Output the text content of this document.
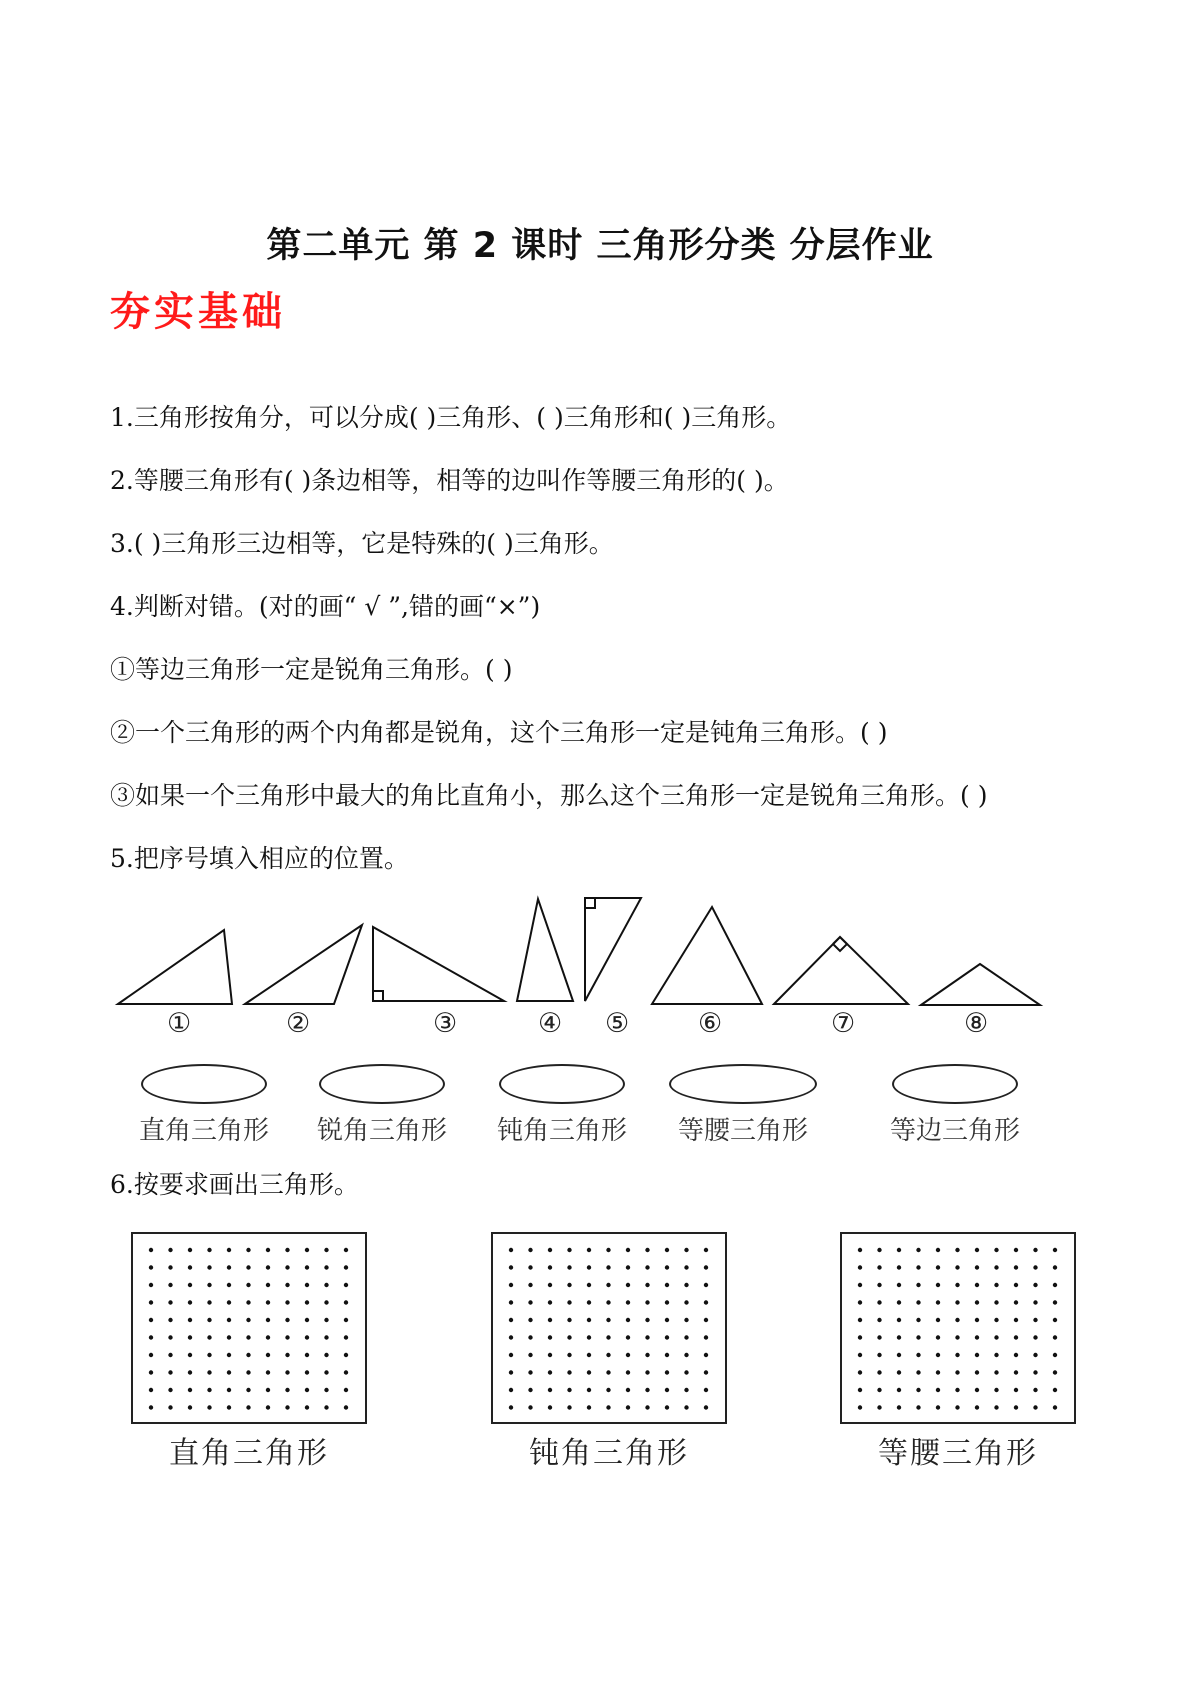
第二单元 第 2 课时 三角形分类 分层作业
夯实基础
1.三角形按角分，可以分成( )三角形、( )三角形和( )三角形。
2.等腰三角形有( )条边相等，相等的边叫作等腰三角形的( )。
3.( )三角形三边相等，它是特殊的( )三角形。
4.判断对错。(对的画“ √ ”,错的画“×”)
①等边三角形一定是锐角三角形。( )
②一个三角形的两个内角都是锐角，这个三角形一定是钝角三角形。( )
③如果一个三角形中最大的角比直角小，那么这个三角形一定是锐角三角形。( )
5.把序号填入相应的位置。
①	②	③	④ ⑤	⑥	⑦	⑧
直角三角形 锐角三角形 钝角三角形 等腰三角形	等边三角形
6.按要求画出三角形。
直角三角形	钝角三角形	等腰三角形
